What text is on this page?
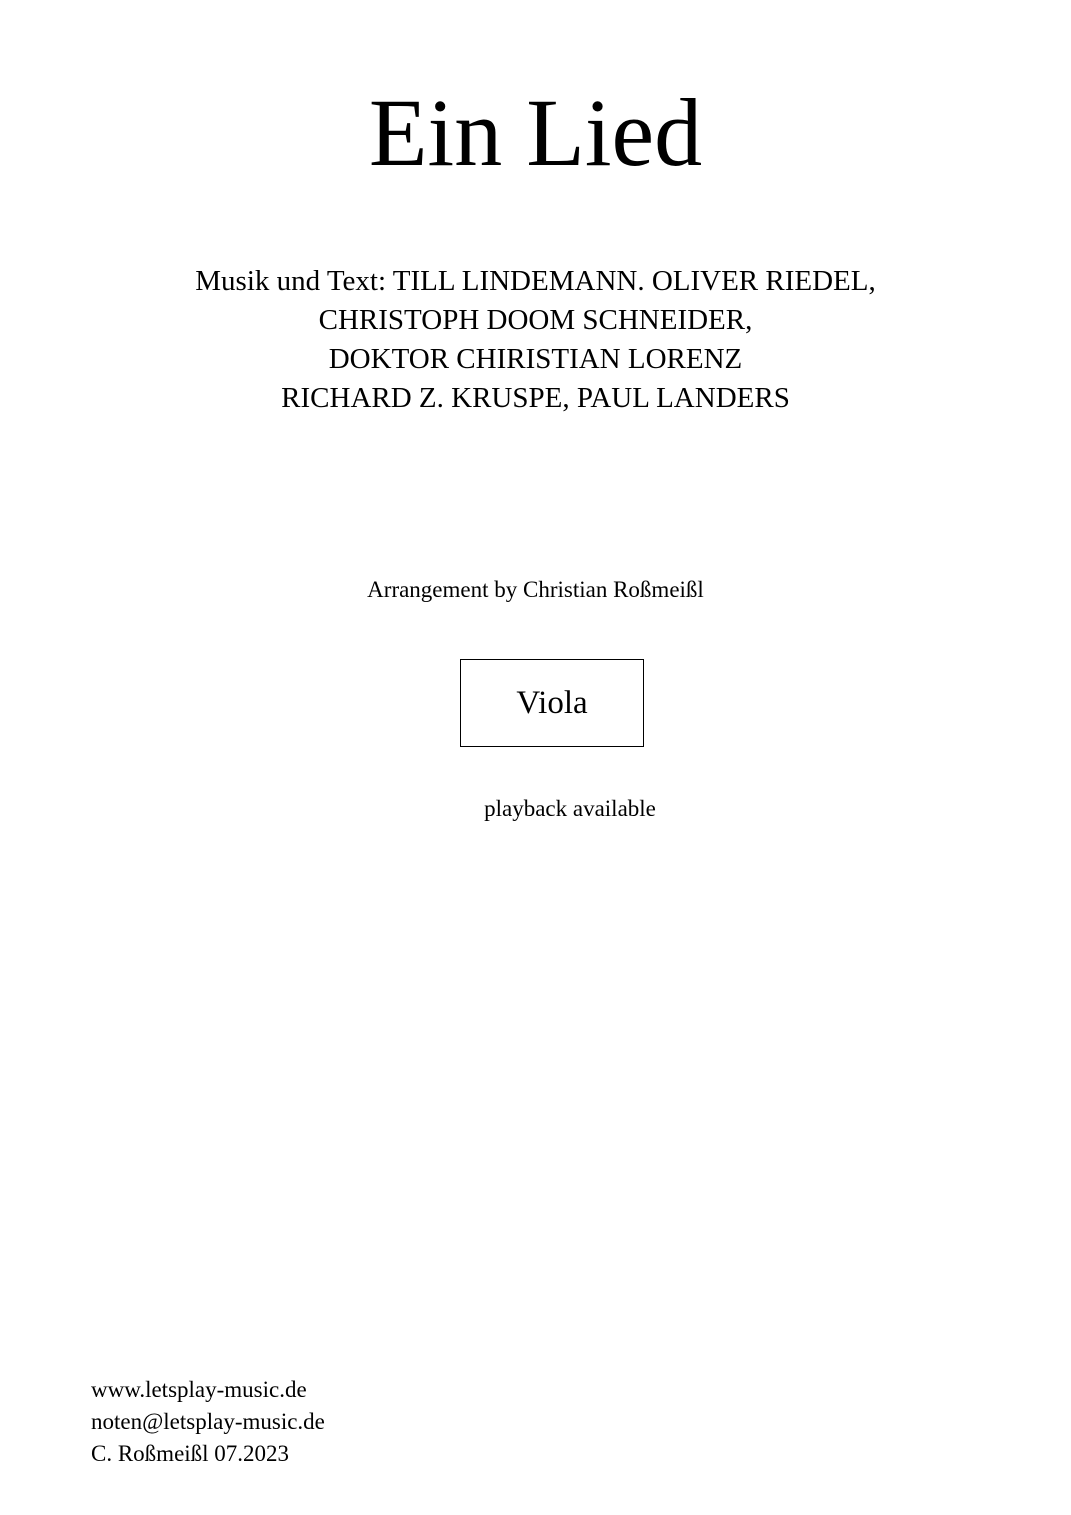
Ein Lied
Musik und Text: TILL LINDEMANN. OLIVER RIEDEL,
CHRISTOPH DOOM SCHNEIDER,
DOKTOR CHIRISTIAN LORENZ
RICHARD Z. KRUSPE, PAUL LANDERS
Arrangement by Christian Roßmeißl
Viola
playback available
www.letsplay-music.de
noten@letsplay-music.de
C. Roßmeißl 07.2023
